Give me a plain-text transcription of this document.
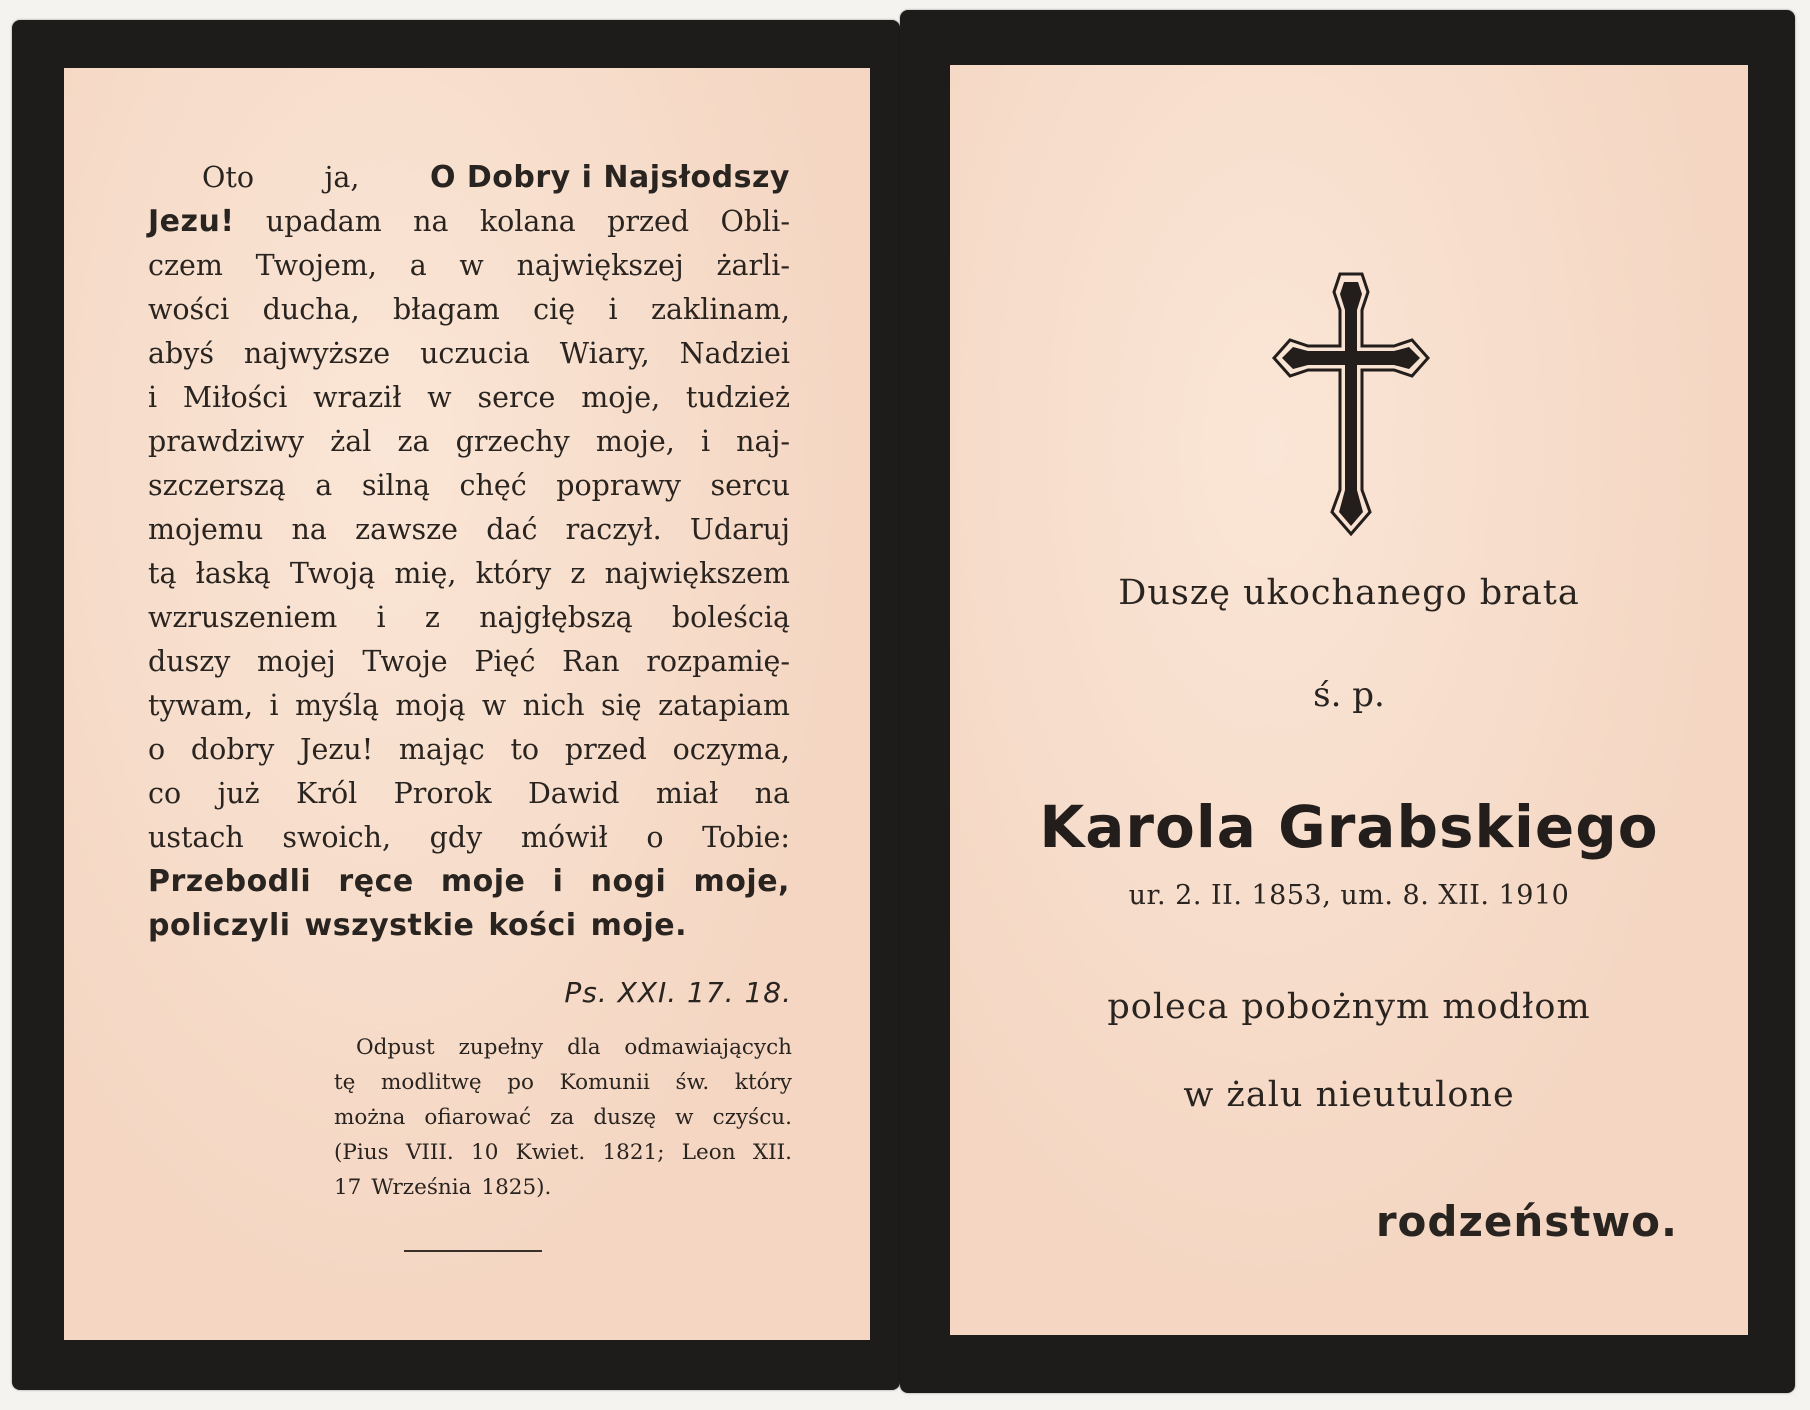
Oto ja, O Dobry i Najsłodszy
Jezu! upadam na kolana przed Obli-
czem Twojem, a w największej żarli-
wości ducha, błagam cię i zaklinam,
abyś najwyższe uczucia Wiary, Nadziei
i Miłości wraził w serce moje, tudzież
prawdziwy żal za grzechy moje, i naj-
szczerszą a silną chęć poprawy sercu
mojemu na zawsze dać raczył. Udaruj
tą łaską Twoją mię, który z największem
wzruszeniem i z najgłębszą boleścią
duszy mojej Twoje Pięć Ran rozpamię-
tywam, i myślą moją w nich się zatapiam
o dobry Jezu! mając to przed oczyma,
co już Król Prorok Dawid miał na
ustach swoich, gdy mówił o Tobie:
Przebodli ręce moje i nogi moje,
policzyli wszystkie kości moje.
Ps. XXI. 17. 18.
Odpust zupełny dla odmawiających
tę modlitwę po Komunii św. który
można ofiarować za duszę w czyścu.
(Pius VIII. 10 Kwiet. 1821; Leon XII.
17 Września 1825).
Duszę ukochanego brata
ś. p.
Karola Grabskiego
ur. 2. II. 1853, um. 8. XII. 1910
poleca pobożnym modłom
w żalu nieutulone
rodzeństwo.
